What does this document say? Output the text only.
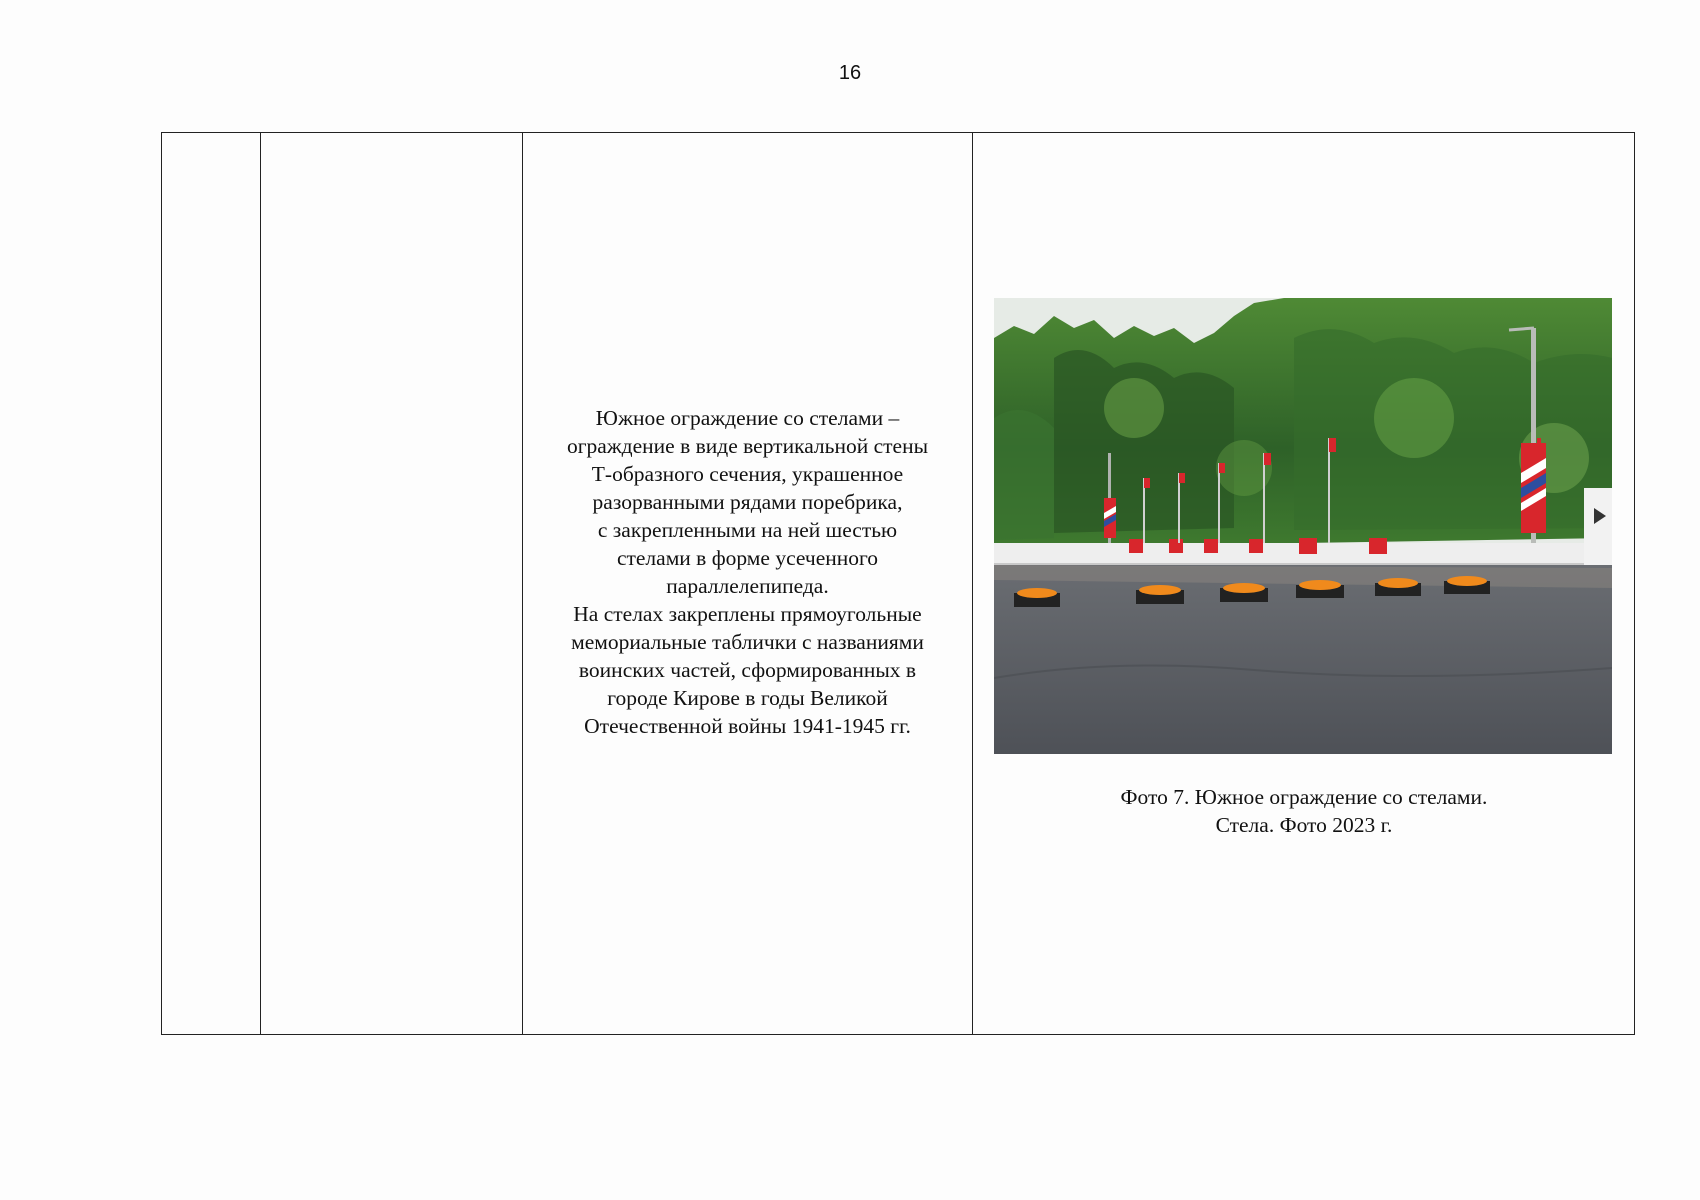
16

Южное ограждение со стелами –

ограждение в виде вертикальной стены

Т-образного сечения, украшенное

разорванными рядами поребрика,

с закрепленными на ней шестью

стелами в форме усеченного

параллелепипеда.

На стелах закреплены прямоугольные

мемориальные таблички с названиями

воинских частей, сформированных в

городе Кирове в годы Великой

Отечественной войны 1941-1945 гг.

Фото 7. Южное ограждение со стелами.
Стела. Фото 2023 г.
